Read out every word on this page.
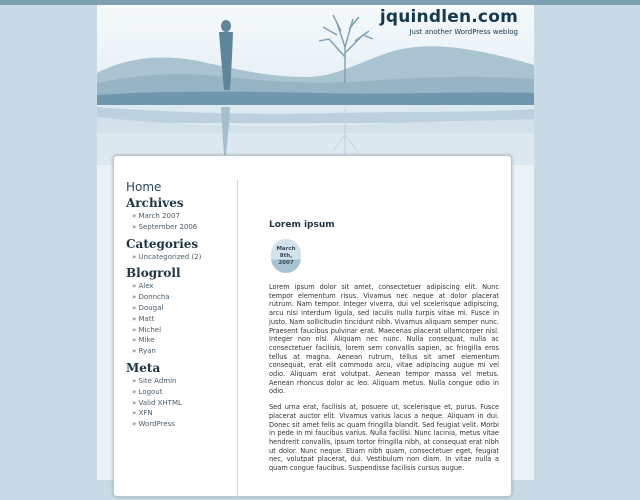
jquindlen.com
Just another WordPress weblog
Home
Archives
» March 2007
» September 2006
Categories
» Uncategorized (2)
Blogroll
» Alex
» Donncha
» Dougal
» Matt
» Michel
» Mike
» Ryan
Meta
» Site Admin
» Logout
» Valid XHTML
» XFN
» WordPress
Lorem ipsum
March 8th,
2007

Lorem ipsum dolor sit amet, consectetuer adipiscing elit. Nunc tempor elementum risus. Vivamus nec neque at dolor placerat rutrum. Nam tempor. Integer viverra, dui vel scelerisque adipiscing, arcu nisi interdum ligula, sed iaculis nulla turpis vitae mi. Fusce in justo. Nam sollicitudin tincidunt nibh. Vivamus aliquam semper nunc. Praesent faucibus pulvinar erat. Maecenas placerat ullamcorper nisl. Integer non nisl. Aliquam nec nunc. Nulla consequat, nulla ac consectetuer facilisis, lorem sem convallis sapien, ac fringilla eros tellus at magna. Aenean rutrum, tellus sit amet elementum consequat, erat elit commodo arcu, vitae adipiscing augue mi vel odio. Aliquam erat volutpat. Aenean tempor massa vel metus. Aenean rhoncus dolor ac leo. Aliquam metus. Nulla congue odio in odio.

Sed urna erat, facilisis at, posuere ut, scelerisque et, purus. Fusce placerat auctor elit. Vivamus varius lacus a neque. Aliquam in dui. Donec sit amet felis ac quam fringilla blandit. Sed feugiat velit. Morbi in pede in mi faucibus varius. Nulla facilisi. Nunc lacinia, metus vitae hendrerit convallis, ipsum tortor fringilla nibh, at consequat erat nibh ut dolor. Nunc neque. Etiam nibh quam, consectetuer eget, feugiat nec, volutpat placerat, dui. Vestibulum non diam. In vitae nulla a quam congue faucibus. Suspendisse facilisis cursus augue.
